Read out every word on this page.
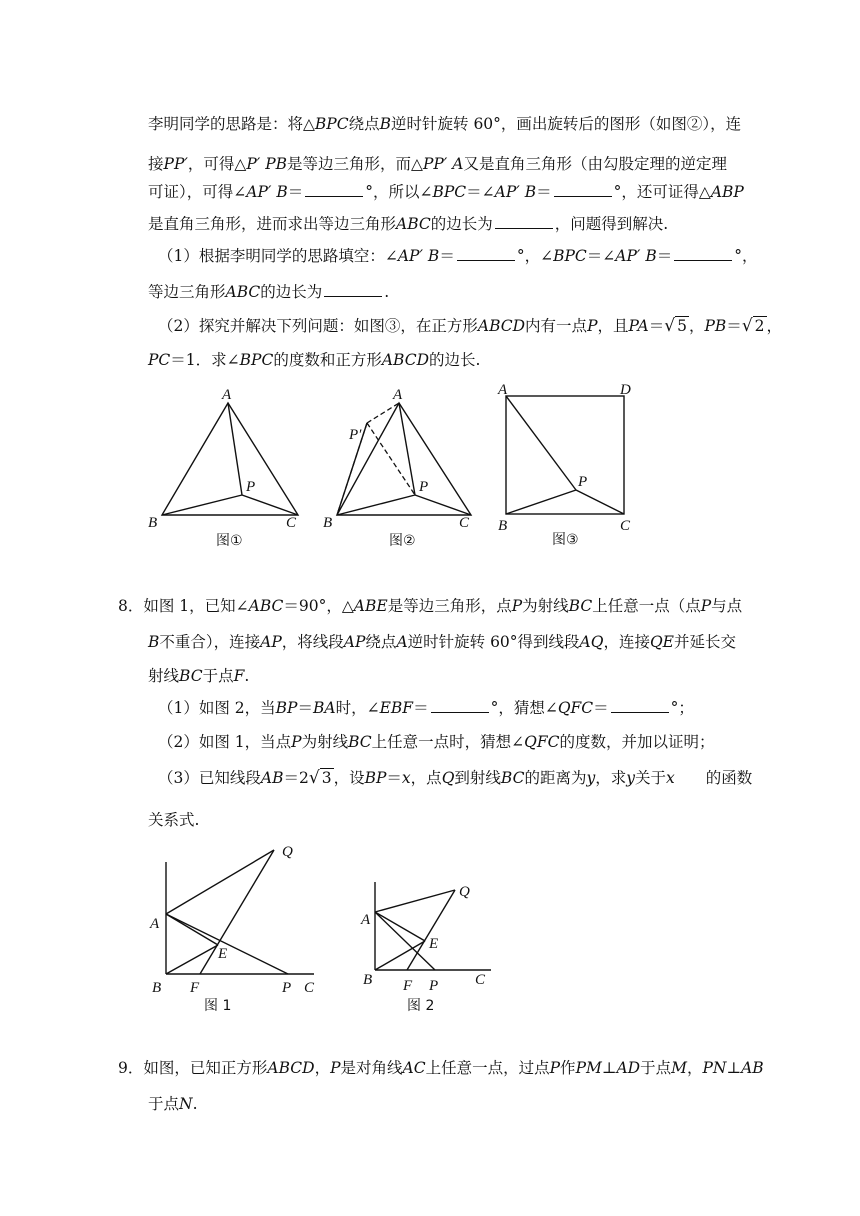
李明同学的思路是：将△BPC绕点B逆时针旋转 60°，画出旋转后的图形（如图②），连
接PP′，可得△P′ PB是等边三角形，而△PP′ A又是直角三角形（由勾股定理的逆定理
可证），可得∠AP′ B＝	°，所以∠BPC＝∠AP′ B＝	°，还可证得△ABP
是直角三角形，进而求出等边三角形ABC的边长为	，问题得到解决.
（1）根据李明同学的思路填空：∠AP′ B＝	°，∠BPC＝∠AP′ B＝	°，
等边三角形ABC的边长为	.
（2）探究并解决下列问题：如图③，在正方形ABCD内有一点P，且PA＝√ 5 ，PB＝√ 2 ，
PC＝1．求∠BPC的度数和正方形ABCD的边长.
A
B	C
P
图①
A
P′
B	C
P
图②
A	D
B	C
P
图③
8．如图 1，已知∠ABC＝90°，△ABE是等边三角形，点P为射线BC上任意一点（点P与点
B不重合），连接AP，将线段AP绕点A逆时针旋转 60°得到线段AQ，连接QE并延长交
射线BC于点F.
（1）如图 2，当BP＝BA时，∠EBF＝	°，猜想∠QFC＝	°；
（2）如图 1，当点P为射线BC上任意一点时，猜想∠QFC的度数，并加以证明；
（3）已知线段AB＝2√ 3 ，设BP＝x，点Q到射线BC的距离为y，求y关于x   的函数
关系式.
A
B F	P C
E
Q
图 1
A
B F P C
E
Q
图 2
9．如图，已知正方形ABCD，P是对角线AC上任意一点，过点P作PM⊥AD于点M，PN⊥AB
于点N.
